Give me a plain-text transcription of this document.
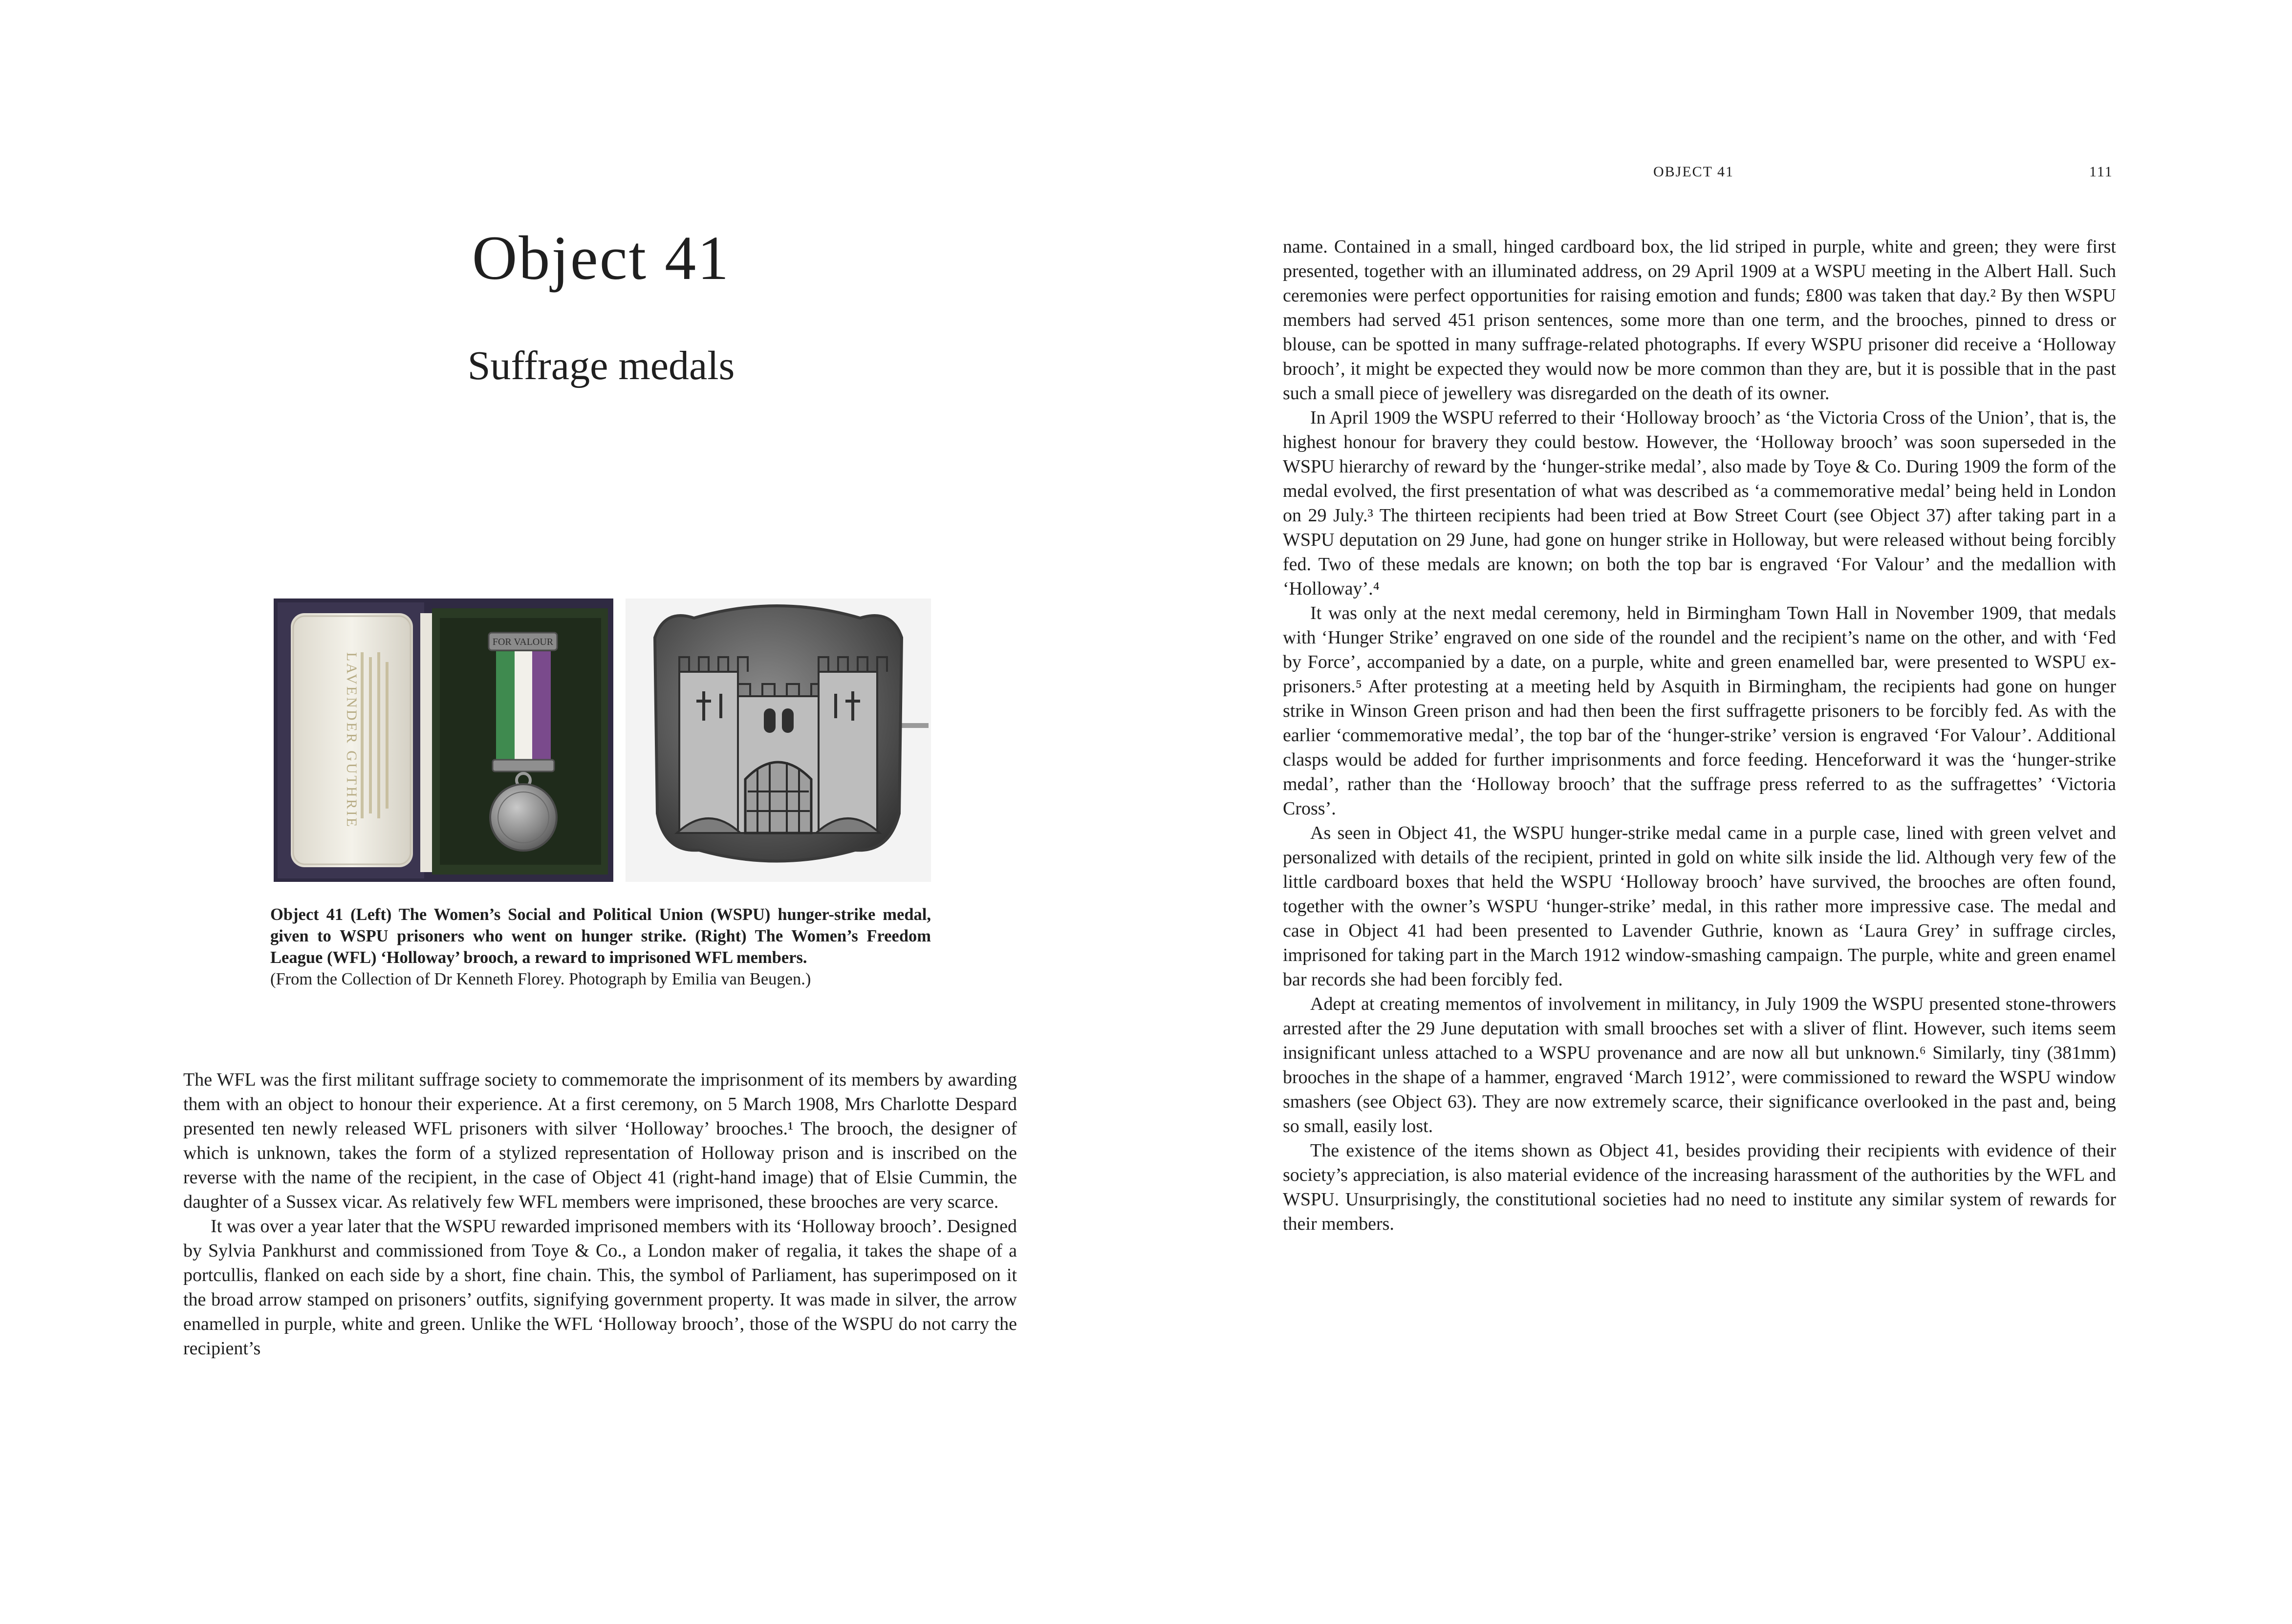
Object 41
Suffrage medals
LAVENDER GUTHRIE
FOR VALOUR
Object 41 (Left) The Women’s Social and Political Union (WSPU) hunger-strike medal, given to WSPU prisoners who went on hunger strike. (Right) The Women’s Freedom League (WFL) ‘Holloway’ brooch, a reward to imprisoned WFL members.
(From the Collection of Dr Kenneth Florey. Photograph by Emilia van Beugen.)

The WFL was the first militant suffrage society to commemorate the imprisonment of its members by awarding them with an object to honour their experience. At a first ceremony, on 5 March 1908, Mrs Charlotte Despard presented ten newly released WFL prisoners with silver ‘Holloway’ brooches.¹ The brooch, the designer of which is unknown, takes the form of a stylized representation of Holloway prison and is inscribed on the reverse with the name of the recipient, in the case of Object 41 (right-hand image) that of Elsie Cummin, the daughter of a Sussex vicar. As relatively few WFL members were imprisoned, these brooches are very scarce.

It was over a year later that the WSPU rewarded imprisoned members with its ‘Holloway brooch’. Designed by Sylvia Pankhurst and commissioned from Toye & Co., a London maker of regalia, it takes the shape of a portcullis, flanked on each side by a short, fine chain. This, the symbol of Parliament, has superimposed on it the broad arrow stamped on prisoners’ outfits, signifying government property. It was made in silver, the arrow enamelled in purple, white and green. Unlike the WFL ‘Holloway brooch’, those of the WSPU do not carry the recipient’s

OBJECT 41	111

name. Contained in a small, hinged cardboard box, the lid striped in purple, white and green; they were first presented, together with an illuminated address, on 29 April 1909 at a WSPU meeting in the Albert Hall. Such ceremonies were perfect opportunities for raising emotion and funds; £800 was taken that day.² By then WSPU members had served 451 prison sentences, some more than one term, and the brooches, pinned to dress or blouse, can be spotted in many suffrage-related photographs. If every WSPU prisoner did receive a ‘Holloway brooch’, it might be expected they would now be more common than they are, but it is possible that in the past such a small piece of jewellery was disregarded on the death of its owner.

In April 1909 the WSPU referred to their ‘Holloway brooch’ as ‘the Victoria Cross of the Union’, that is, the highest honour for bravery they could bestow. However, the ‘Holloway brooch’ was soon superseded in the WSPU hierarchy of reward by the ‘hunger-strike medal’, also made by Toye & Co. During 1909 the form of the medal evolved, the first presentation of what was described as ‘a commemorative medal’ being held in London on 29 July.³ The thirteen recipients had been tried at Bow Street Court (see Object 37) after taking part in a WSPU deputation on 29 June, had gone on hunger strike in Holloway, but were released without being forcibly fed. Two of these medals are known; on both the top bar is engraved ‘For Valour’ and the medallion with ‘Holloway’.⁴

It was only at the next medal ceremony, held in Birmingham Town Hall in November 1909, that medals with ‘Hunger Strike’ engraved on one side of the roundel and the recipient’s name on the other, and with ‘Fed by Force’, accompanied by a date, on a purple, white and green enamelled bar, were presented to WSPU ex-prisoners.⁵ After protesting at a meeting held by Asquith in Birmingham, the recipients had gone on hunger strike in Winson Green prison and had then been the first suffragette prisoners to be forcibly fed. As with the earlier ‘commemorative medal’, the top bar of the ‘hunger-strike’ version is engraved ‘For Valour’. Additional clasps would be added for further imprisonments and force feeding. Henceforward it was the ‘hunger-strike medal’, rather than the ‘Holloway brooch’ that the suffrage press referred to as the suffragettes’ ‘Victoria Cross’.

As seen in Object 41, the WSPU hunger-strike medal came in a purple case, lined with green velvet and personalized with details of the recipient, printed in gold on white silk inside the lid. Although very few of the little cardboard boxes that held the WSPU ‘Holloway brooch’ have survived, the brooches are often found, together with the owner’s WSPU ‘hunger-strike’ medal, in this rather more impressive case. The medal and case in Object 41 had been presented to Lavender Guthrie, known as ‘Laura Grey’ in suffrage circles, imprisoned for taking part in the March 1912 window-smashing campaign. The purple, white and green enamel bar records she had been forcibly fed.

Adept at creating mementos of involvement in militancy, in July 1909 the WSPU presented stone-throwers arrested after the 29 June deputation with small brooches set with a sliver of flint. However, such items seem insignificant unless attached to a WSPU provenance and are now all but unknown.⁶ Similarly, tiny (381mm) brooches in the shape of a hammer, engraved ‘March 1912’, were commissioned to reward the WSPU window smashers (see Object 63). They are now extremely scarce, their significance overlooked in the past and, being so small, easily lost.

The existence of the items shown as Object 41, besides providing their recipients with evidence of their society’s appreciation, is also material evidence of the increasing harassment of the authorities by the WFL and WSPU. Unsurprisingly, the constitutional societies had no need to institute any similar system of rewards for their members.
